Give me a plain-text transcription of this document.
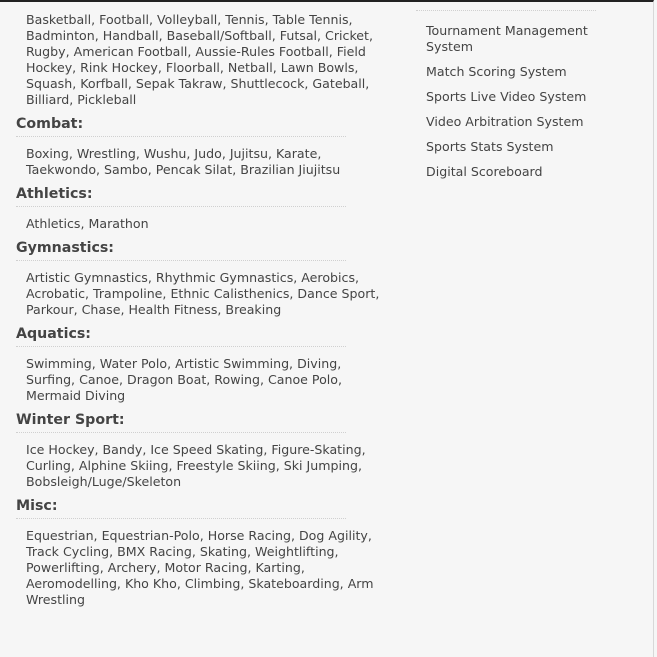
Basketball, Football, Volleyball, Tennis, Table Tennis, Badminton, Handball, Baseball/Softball, Futsal, Cricket, Rugby, American Football, Aussie-Rules Football, Field Hockey, Rink Hockey, Floorball, Netball, Lawn Bowls, Squash, Korfball, Sepak Takraw, Shuttlecock, Gateball, Billiard, Pickleball

Combat:

Boxing, Wrestling, Wushu, Judo, Jujitsu, Karate, Taekwondo, Sambo, Pencak Silat, Brazilian Jiujitsu

Athletics:

Athletics, Marathon

Gymnastics:

Artistic Gymnastics, Rhythmic Gymnastics, Aerobics, Acrobatic, Trampoline, Ethnic Calisthenics, Dance Sport, Parkour, Chase, Health Fitness, Breaking

Aquatics:

Swimming, Water Polo, Artistic Swimming, Diving, Surfing, Canoe, Dragon Boat, Rowing, Canoe Polo, Mermaid Diving

Winter Sport:

Ice Hockey, Bandy, Ice Speed Skating, Figure-Skating, Curling, Alphine Skiing, Freestyle Skiing, Ski Jumping, Bobsleigh/Luge/Skeleton

Misc:

Equestrian, Equestrian-Polo, Horse Racing, Dog Agility, Track Cycling, BMX Racing, Skating, Weightlifting, Powerlifting, Archery, Motor Racing, Karting, Aeromodelling, Kho Kho, Climbing, Skateboarding, Arm Wrestling

Tournament Management System
Match Scoring System
Sports Live Video System
Video Arbitration System
Sports Stats System
Digital Scoreboard
